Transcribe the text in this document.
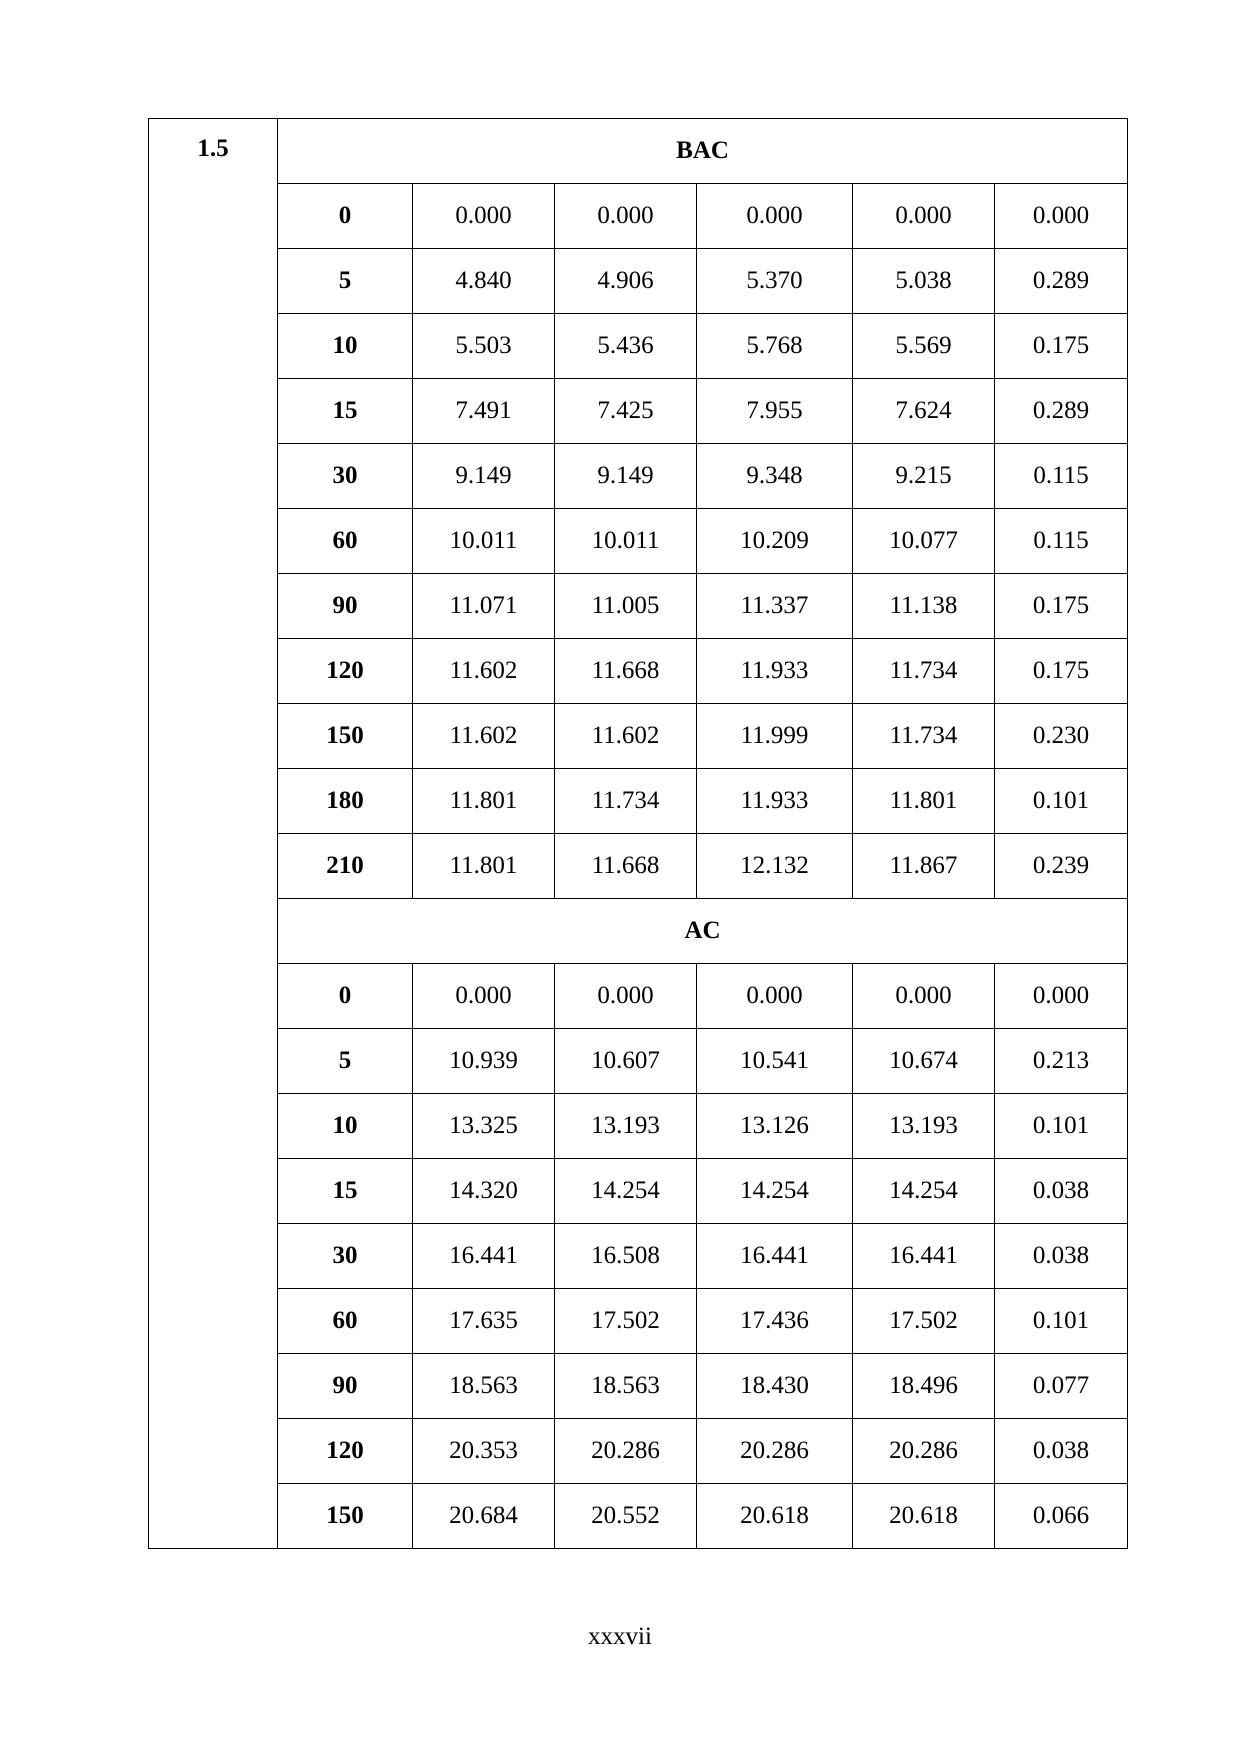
1.5	BAC					
	0	0.000	0.000	0.000	0.000	0.000
	5	4.840	4.906	5.370	5.038	0.289
	10	5.503	5.436	5.768	5.569	0.175
	15	7.491	7.425	7.955	7.624	0.289
	30	9.149	9.149	9.348	9.215	0.115
	60	10.011	10.011	10.209	10.077	0.115
	90	11.071	11.005	11.337	11.138	0.175
	120	11.602	11.668	11.933	11.734	0.175
	150	11.602	11.602	11.999	11.734	0.230
	180	11.801	11.734	11.933	11.801	0.101
	210	11.801	11.668	12.132	11.867	0.239
	AC					
	0	0.000	0.000	0.000	0.000	0.000
	5	10.939	10.607	10.541	10.674	0.213
	10	13.325	13.193	13.126	13.193	0.101
	15	14.320	14.254	14.254	14.254	0.038
	30	16.441	16.508	16.441	16.441	0.038
	60	17.635	17.502	17.436	17.502	0.101
	90	18.563	18.563	18.430	18.496	0.077
	120	20.353	20.286	20.286	20.286	0.038
	150	20.684	20.552	20.618	20.618	0.066
xxxvii
